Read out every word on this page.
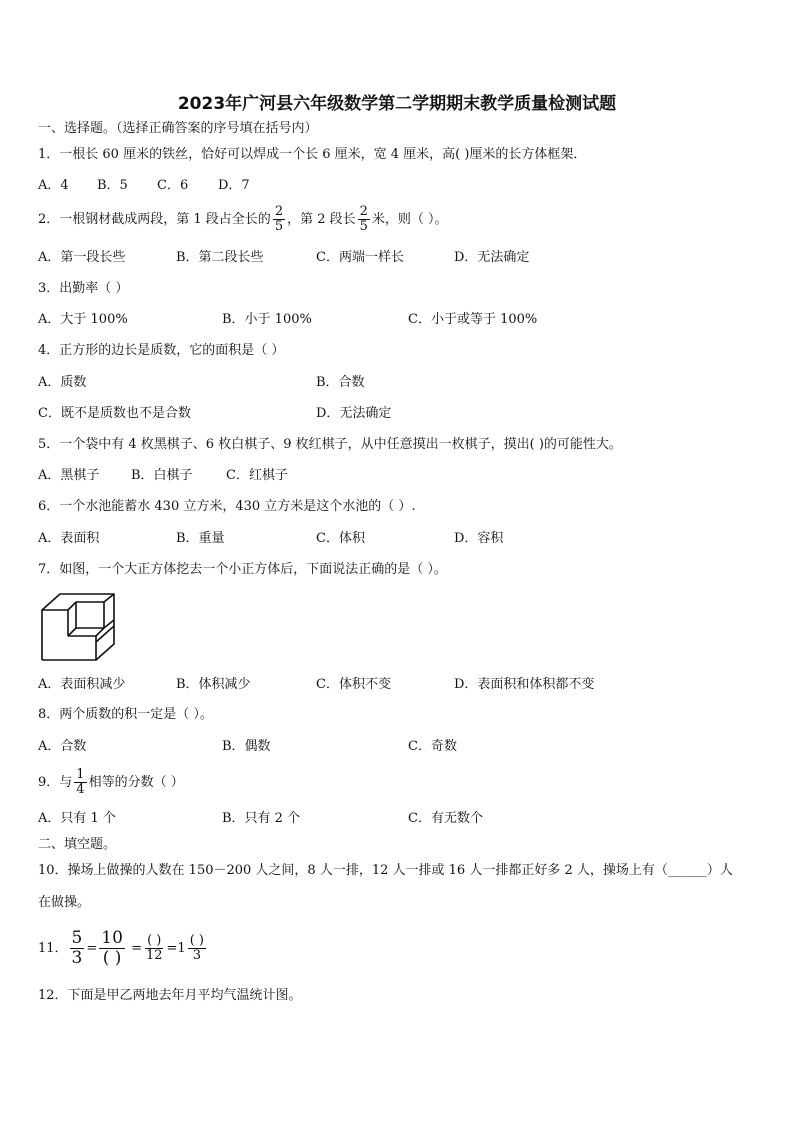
2023年广河县六年级数学第二学期期末教学质量检测试题
一、选择题。（选择正确答案的序号填在括号内）
1．一根长 60 厘米的铁丝，恰好可以焊成一个长 6 厘米，宽 4 厘米，高( )厘米的长方体框架．
A．4 B．5 C．6 D．7
2．一根钢材截成两段，第 1 段占全长的 $\frac{2}{5}$ ，第 2 段长 $\frac{2}{5}$ 米，则（ ）。
A．第一段长些	B．第二段长些	C．两端一样长	D．无法确定
3．出勤率（ ）
A．大于 100%	B．小于 100%	C．小于或等于 100%
4．正方形的边长是质数，它的面积是（ ）
A．质数	B．合数
C．既不是质数也不是合数	D．无法确定
5．一个袋中有 4 枚黑棋子、6 枚白棋子、9 枚红棋子，从中任意摸出一枚棋子，摸出( )的可能性大。
A．黑棋子 B．白棋子	C．红棋子
6．一个水池能蓄水 430 立方米，430 立方米是这个水池的（ ）.
A．表面积	B．重量	C．体积	D．容积
7．如图，一个大正方体挖去一个小正方体后，下面说法正确的是（ ）。
A．表面积减少	B．体积减少	C．体积不变	D．表面积和体积都不变
8．两个质数的积一定是（ ）。
A．合数	B．偶数	C．奇数
9．与 $\frac{1}{4}$ 相等的分数（ ）
A．只有 1 个	B．只有 2 个	C．有无数个
二、填空题。
10．操场上做操的人数在 150－200 人之间，8 人一排，12 人一排或 16 人一排都正好多 2 人，操场上有（______）人
在做操。
11． $\frac{5}{3} = \frac{10}{( )} = \frac{( )}{12} =1 \frac{( )}{3}$
12．下面是甲乙两地去年月平均气温统计图。
